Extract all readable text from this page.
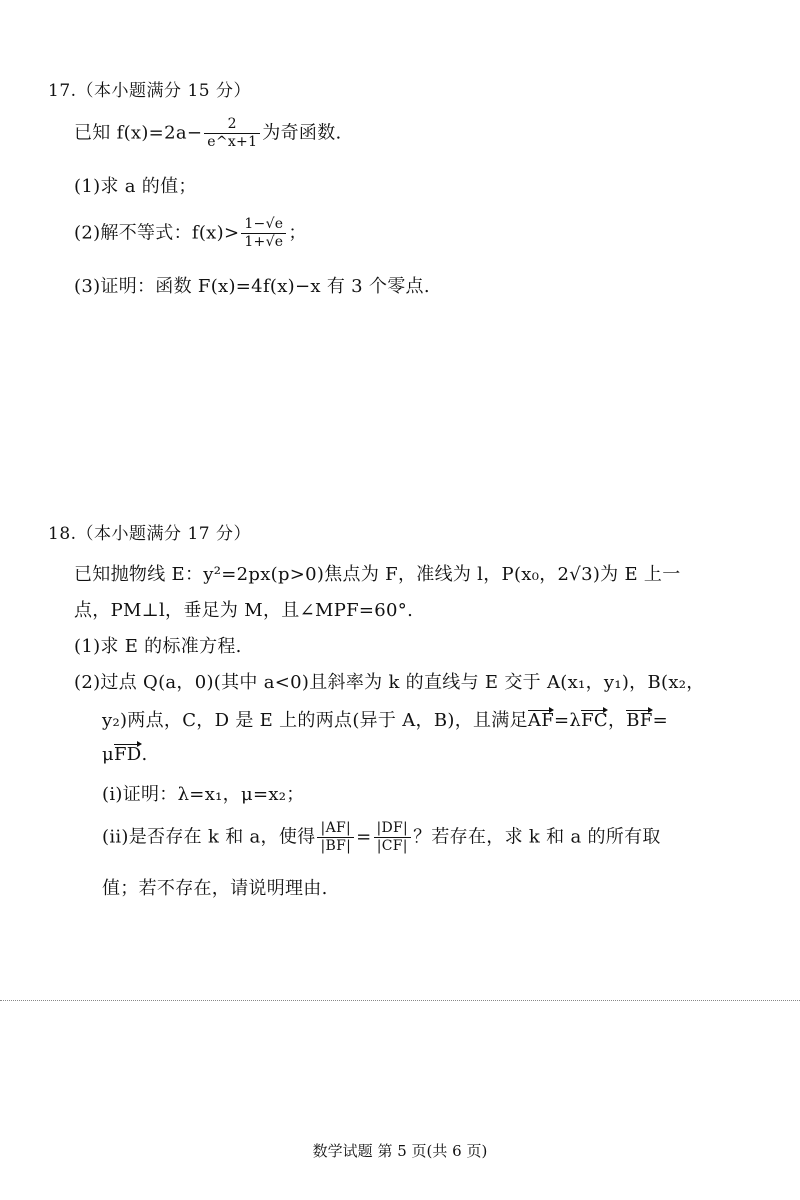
17.（本小题满分 15 分）
已知 $f(x)=2a- \frac{2}{e\^{}x+1}$ 为奇函数.
(1)求 a 的值；
(2)解不等式：$f(x)> \frac{1-√e}{1+√e}$ ；
(3)证明：函数 F(x)=4f(x)−x 有 3 个零点.
18.（本小题满分 17 分）
已知抛物线 E：y²=2px(p>0)焦点为 F，准线为 l，P(x₀，2√3)为 E 上一
点，PM⊥l，垂足为 M，且∠MPF=60°.
(1)求 E 的标准方程.
(2)过点 Q(a，0)(其中 a<0)且斜率为 k 的直线与 E 交于 A(x₁，y₁)，B(x₂，
y₂)两点，C，D 是 E 上的两点(异于 A，B)，且满足AF=λFC，BF=
μFD.
(i)证明：λ=x₁，μ=x₂；
(ii)是否存在 k 和 a，使得 $\frac{|AF|}{|BF|} = \frac{|DF|}{|CF|}$ ？若存在，求 k 和 a 的所有取
值；若不存在，请说明理由.
数学试题 第 5 页(共 6 页)
